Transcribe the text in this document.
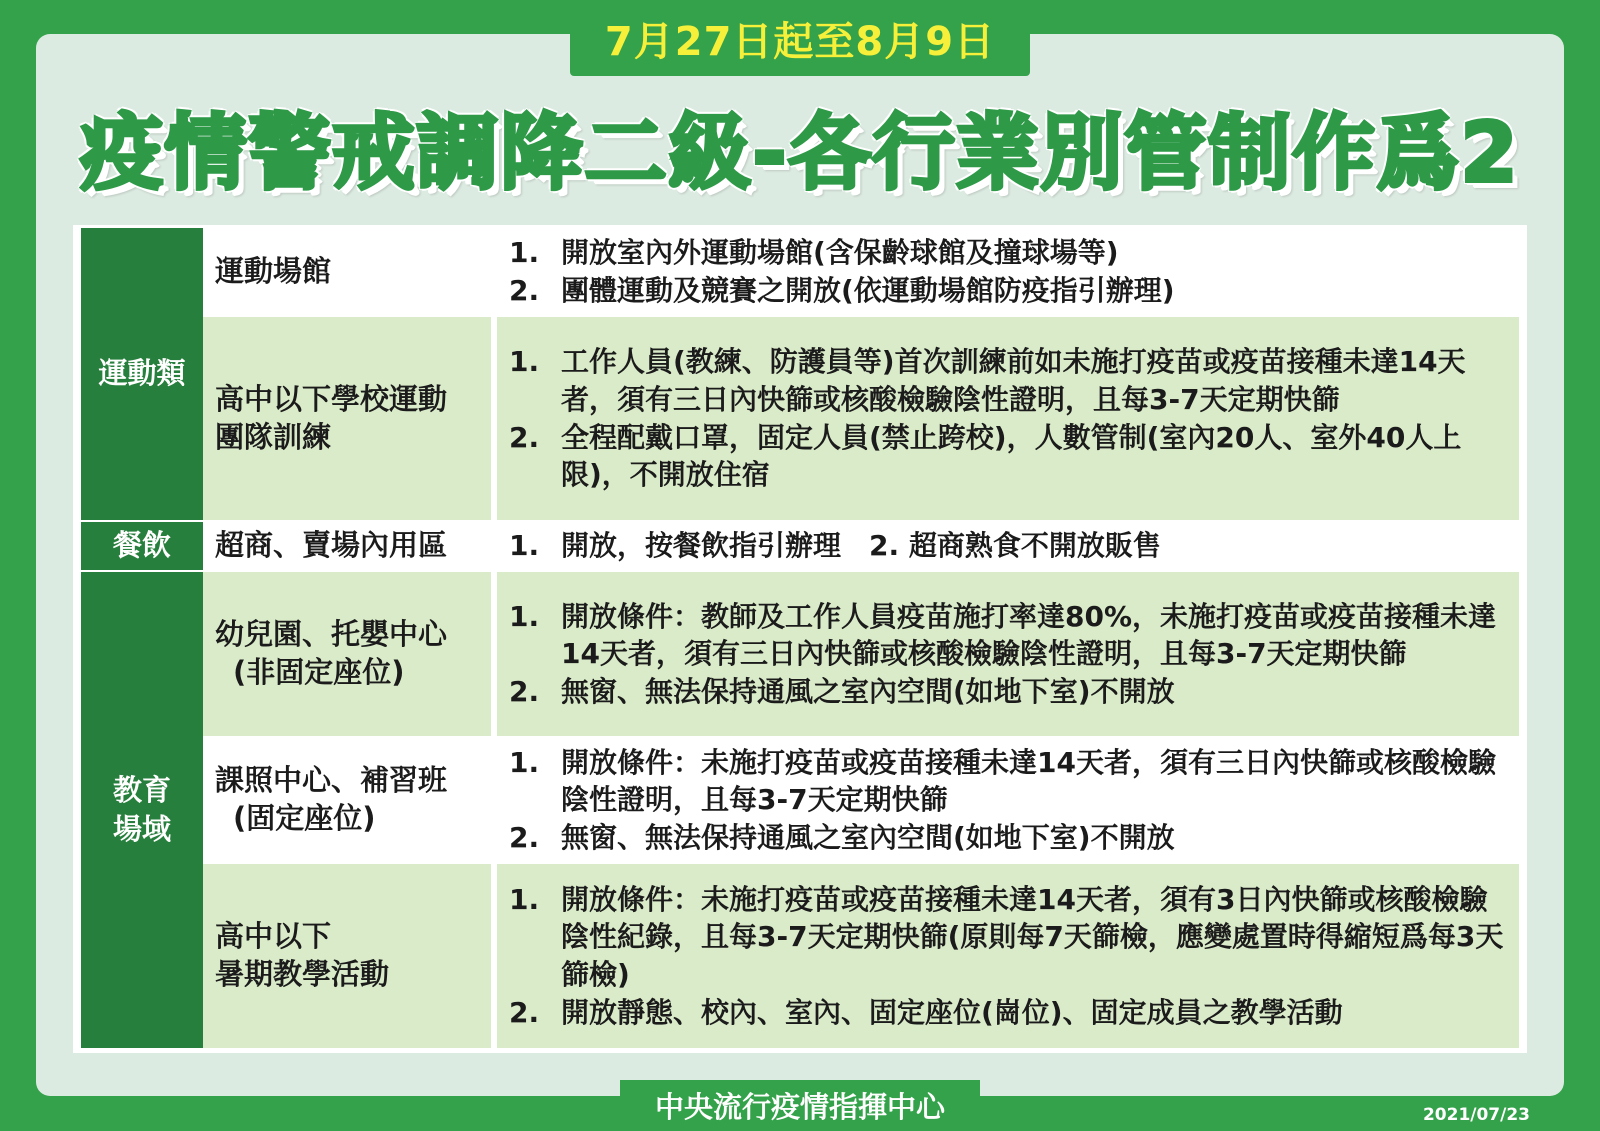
7月27日起至8月9日
疫情警戒調降二級-各行業別管制作爲2
運動類
餐飲
教育
場域
運動場館
1. 開放室內外運動場館(含保齡球館及撞球場等)
2. 團體運動及競賽之開放(依運動場館防疫指引辦理)
高中以下學校運動
團隊訓練
1. 工作人員(教練、防護員等)首次訓練前如未施打疫苗或疫苗接種未達14天者，須有三日內快篩或核酸檢驗陰性證明，且每3-7天定期快篩
2. 全程配戴口罩，固定人員(禁止跨校)，人數管制(室內20人、室外40人上限)，不開放住宿
超商、賣場內用區	1. 開放，按餐飲指引辦理　2. 超商熟食不開放販售
幼兒園、托嬰中心
(非固定座位)
1. 開放條件：教師及工作人員疫苗施打率達80%，未施打疫苗或疫苗接種未達14天者，須有三日內快篩或核酸檢驗陰性證明，且每3-7天定期快篩
2. 無窗、無法保持通風之室內空間(如地下室)不開放
課照中心、補習班
(固定座位)
1. 開放條件：未施打疫苗或疫苗接種未達14天者，須有三日內快篩或核酸檢驗陰性證明，且每3-7天定期快篩
2. 無窗、無法保持通風之室內空間(如地下室)不開放
高中以下
暑期教學活動
1. 開放條件：未施打疫苗或疫苗接種未達14天者，須有3日內快篩或核酸檢驗陰性紀錄，且每3-7天定期快篩(原則每7天篩檢，應變處置時得縮短爲每3天篩檢)
2. 開放靜態、校內、室內、固定座位(崗位)、固定成員之教學活動
中央流行疫情指揮中心	2021/07/23
